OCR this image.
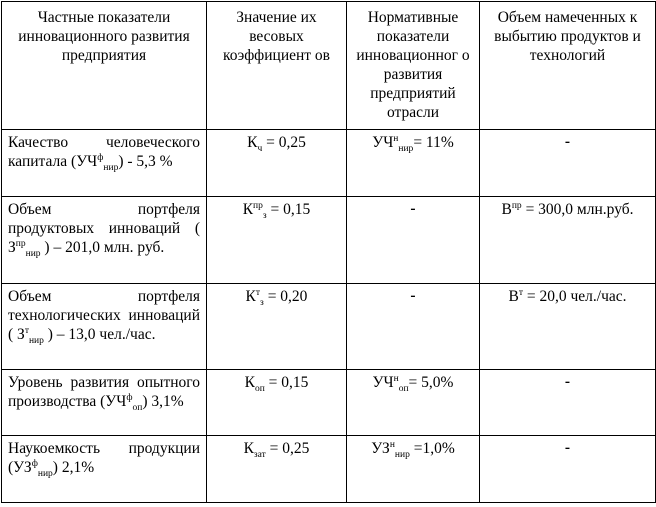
Частные показатели инновационного развития предприятия	Значение их весовых коэффициент ов	Нормативные показатели инновационног о развития предприятий отрасли	Объем намеченных к выбытию продуктов и технологий
Качество человеческого капитала $(УЧ^ф_{нир}) - 5,3$ %	$К_ч = 0,25$	$УЧ^н_{нир}= 11\%$	-
Объем портфеля продуктовых инноваций ( $З^{пр}_{нир}$ ) – 201,0 млн. руб.	$К^{пр}_з = 0,15$	-	$В^{пр} = 300,0$ млн.руб.
Объем портфеля технологических инноваций ( $З^т_{нир}$ ) – 13,0 чел./час.	$К^т_з = 0,20$	-	$В^т = 20,0$ чел./час.
Уровень развития опытного производства $(УЧ^ф_{оп})$ 3,1%	$К_{оп} = 0,15$	$УЧ^н_{оп}= 5,0\%$	-
Наукоемкость продукции $(УЗ^ф_{нир})$ 2,1%	$К_{зат} = 0,25$	$УЗ^н_{нир} =1,0\%$	-
